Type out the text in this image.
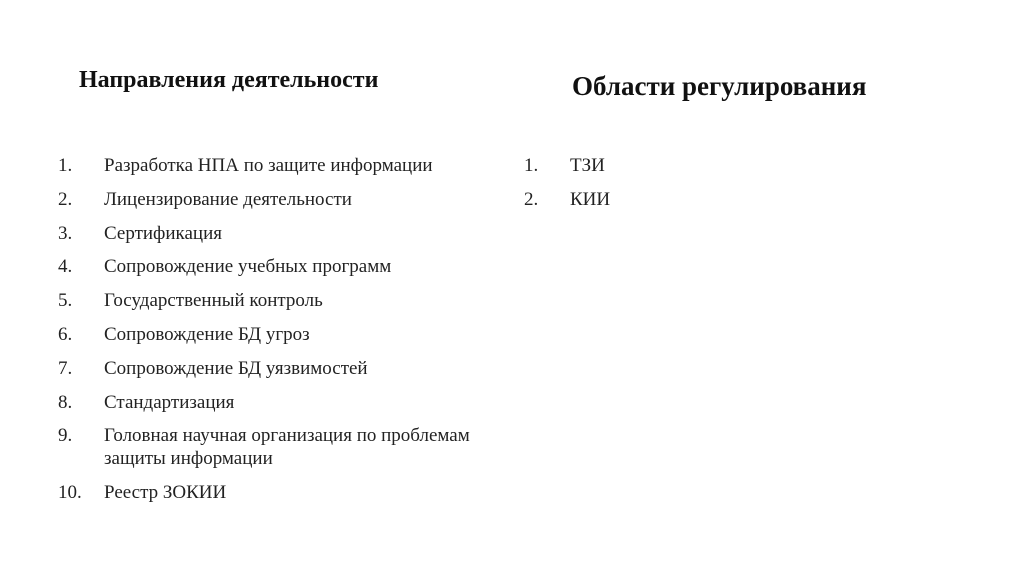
Направления деятельности	Области регулирования
1.	Разработка НПА по защите информации
2.	Лицензирование деятельности
3.	Сертификация
4.	Сопровождение учебных программ
5.	Государственный контроль
6.	Сопровождение БД угроз
7.	Сопровождение БД уязвимостей
8.	Стандартизация
9.	Головная научная организация по проблемам защиты информации
10.	Реестр ЗОКИИ
1.	ТЗИ
2.	КИИ
